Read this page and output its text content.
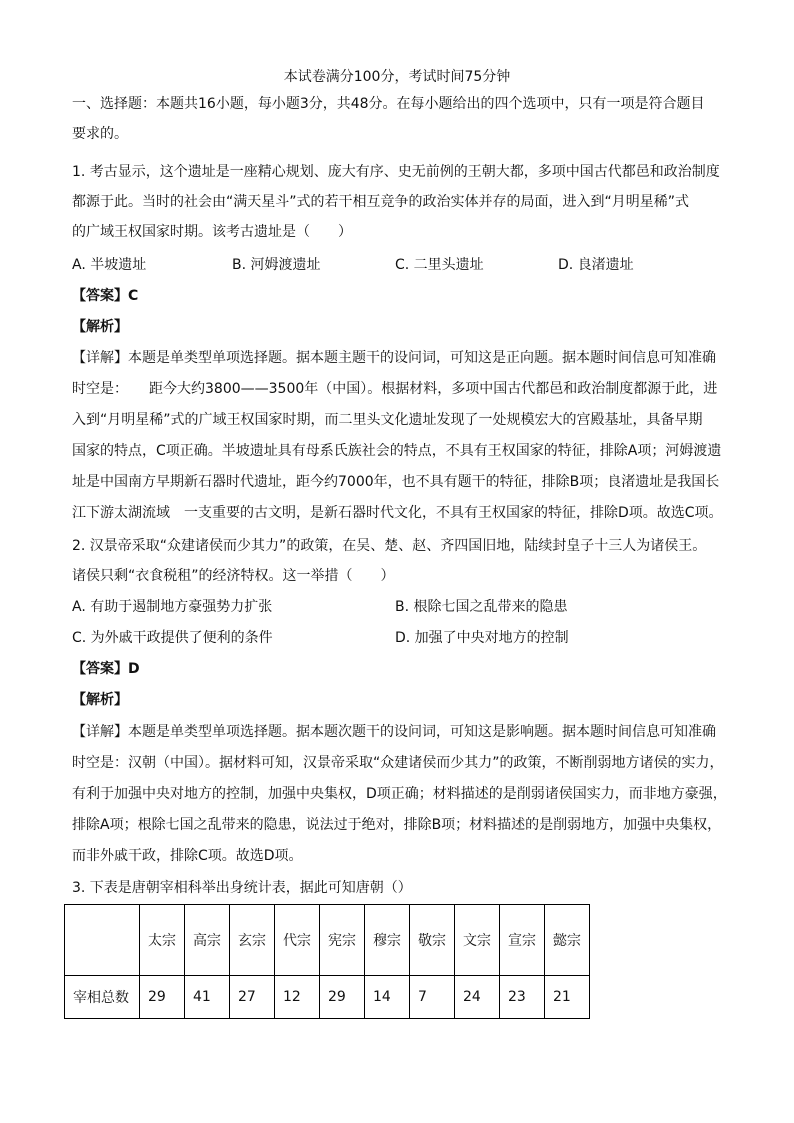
本试卷满分100分，考试时间75分钟
一、选择题：本题共16小题，每小题3分，共48分。在每小题给出的四个选项中，只有一项是符合题目
要求的。
1. 考古显示，这个遗址是一座精心规划、庞大有序、史无前例的王朝大都，多项中国古代都邑和政治制度
都源于此。当时的社会由“满天星斗”式的若干相互竞争的政治实体并存的局面，进入到“月明星稀”式
的广域王权国家时期。该考古遗址是（　　）
A. 半坡遗址	B. 河姆渡遗址	C. 二里头遗址	D. 良渚遗址
【答案】C
【解析】
【详解】本题是单类型单项选择题。据本题主题干的设问词，可知这是正向题。据本题时间信息可知准确
时空是：　　距今大约3800——3500年（中国）。根据材料，多项中国古代都邑和政治制度都源于此，进
入到“月明星稀”式的广域王权国家时期，而二里头文化遗址发现了一处规模宏大的宫殿基址，具备早期
国家的特点，C项正确。半坡遗址具有母系氏族社会的特点，不具有王权国家的特征，排除A项；河姆渡遗
址是中国南方早期新石器时代遗址，距今约7000年，也不具有题干的特征，排除B项；良渚遗址是我国长
江下游太湖流域　一支重要的古文明，是新石器时代文化，不具有王权国家的特征，排除D项。故选C项。
2. 汉景帝采取“众建诸侯而少其力”的政策，在吴、楚、赵、齐四国旧地，陆续封皇子十三人为诸侯王。
诸侯只剩“衣食税租”的经济特权。这一举措（　　）
A. 有助于遏制地方豪强势力扩张	B. 根除七国之乱带来的隐患
C. 为外戚干政提供了便利的条件	D. 加强了中央对地方的控制
【答案】D
【解析】
【详解】本题是单类型单项选择题。据本题次题干的设问词，可知这是影响题。据本题时间信息可知准确
时空是：汉朝（中国）。据材料可知，汉景帝采取“众建诸侯而少其力”的政策，不断削弱地方诸侯的实力，
有利于加强中央对地方的控制，加强中央集权，D项正确；材料描述的是削弱诸侯国实力，而非地方豪强，
排除A项；根除七国之乱带来的隐患，说法过于绝对，排除B项；材料描述的是削弱地方，加强中央集权，
而非外戚干政，排除C项。故选D项。
3. 下表是唐朝宰相科举出身统计表，据此可知唐朝（）
	太宗	高宗	玄宗	代宗	宪宗	穆宗	敬宗	文宗	宣宗	懿宗
宰相总数	29	41	27	12	29	14	7	24	23	21
